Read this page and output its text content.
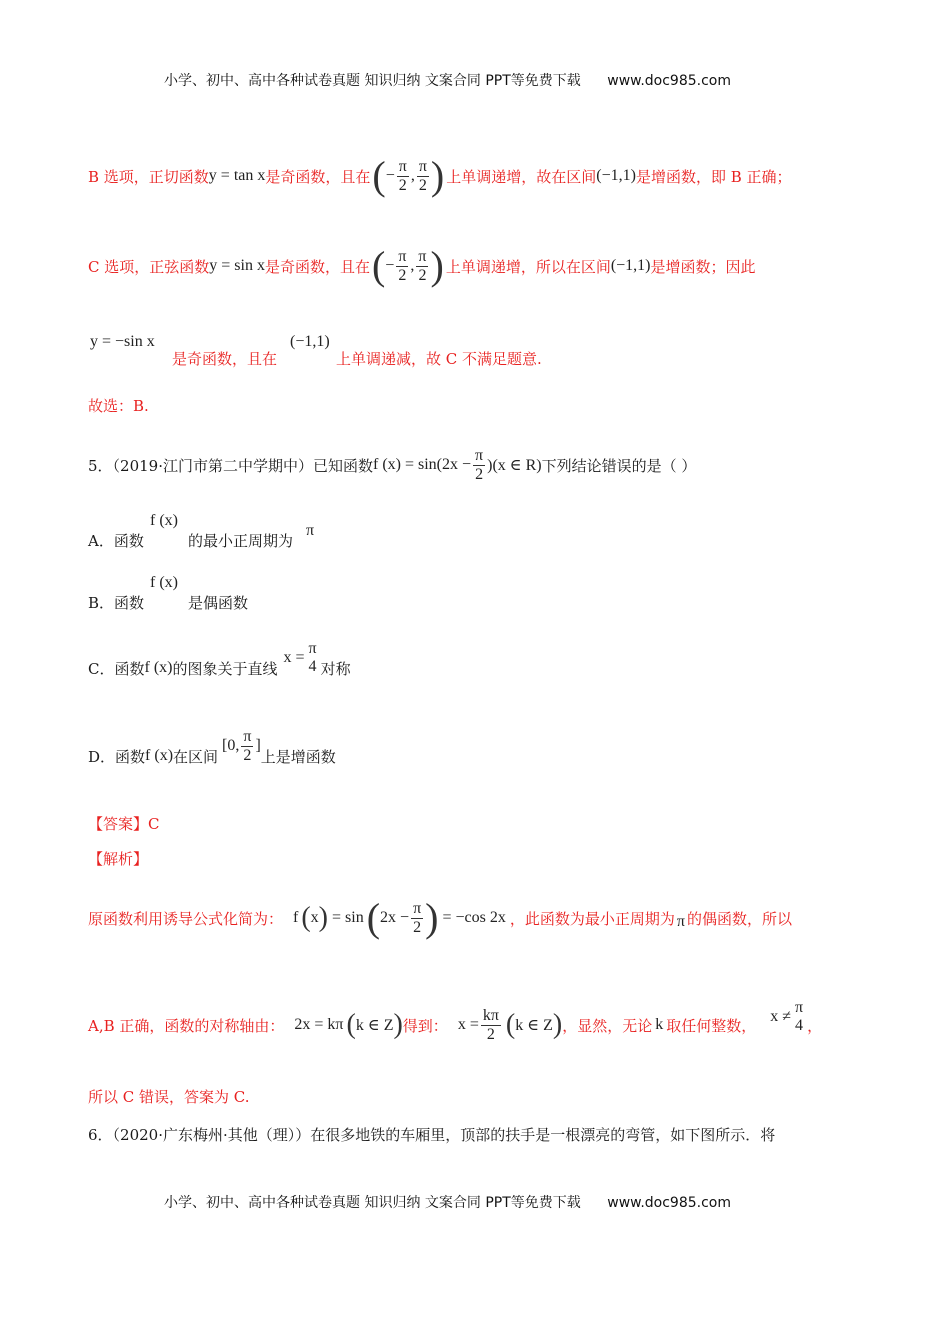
小学、初中、高中各种试卷真题 知识归纳 文案合同 PPT等免费下载 www.doc985.com
B 选项，正切函数 y = tan x 是奇函数，且在 ( − $\frac{\pi}{2}$ , $\frac{\pi}{2}$ ) 上单调递增，故在区间 (−1,1) 是增函数，即 B 正确；
C 选项，正弦函数 y = sin x 是奇函数，且在 ( − $\frac{\pi}{2}$ , $\frac{\pi}{2}$ ) 上单调递增，所以在区间 (−1,1) 是增函数；因此
y = −sin x
是奇函数，且在
(−1,1)
上单调递减，故 C 不满足题意.
故选：B.
5．（2019·江门市第二中学期中）已知函数 f $(x) = \sin(2x - \frac{\pi}{2} )(x$ ∈ R) 下列结论错误的是（ ）
A．函数
f (x)
的最小正周期为
π
B．函数
f (x)
是偶函数
C．函数 f (x) 的图象关于直线
x =
π
4 对称
D．函数 f (x) 在区间
[0, $\frac{\pi}{2}$ ]
上是增函数
【答案】C
【解析】
原函数利用诱导公式化简为： f ( x ) = sin ( $2x - \frac{\pi}{2}$ ) = −cos 2x ，此函数为最小正周期为 π 的偶函数，所以
A,B 正确，函数的对称轴由： 2x = kπ ( k ∈ Z ) 得到： $x = \frac{k\pi}{2}$ ( k ∈ Z ) ，显然，无论 k 取任何整数， x ≠
π
4 ，
所以 C 错误，答案为 C.
6．（2020·广东梅州·其他（理））在很多地铁的车厢里，顶部的扶手是一根漂亮的弯管，如下图所示．将
小学、初中、高中各种试卷真题 知识归纳 文案合同 PPT等免费下载 www.doc985.com
